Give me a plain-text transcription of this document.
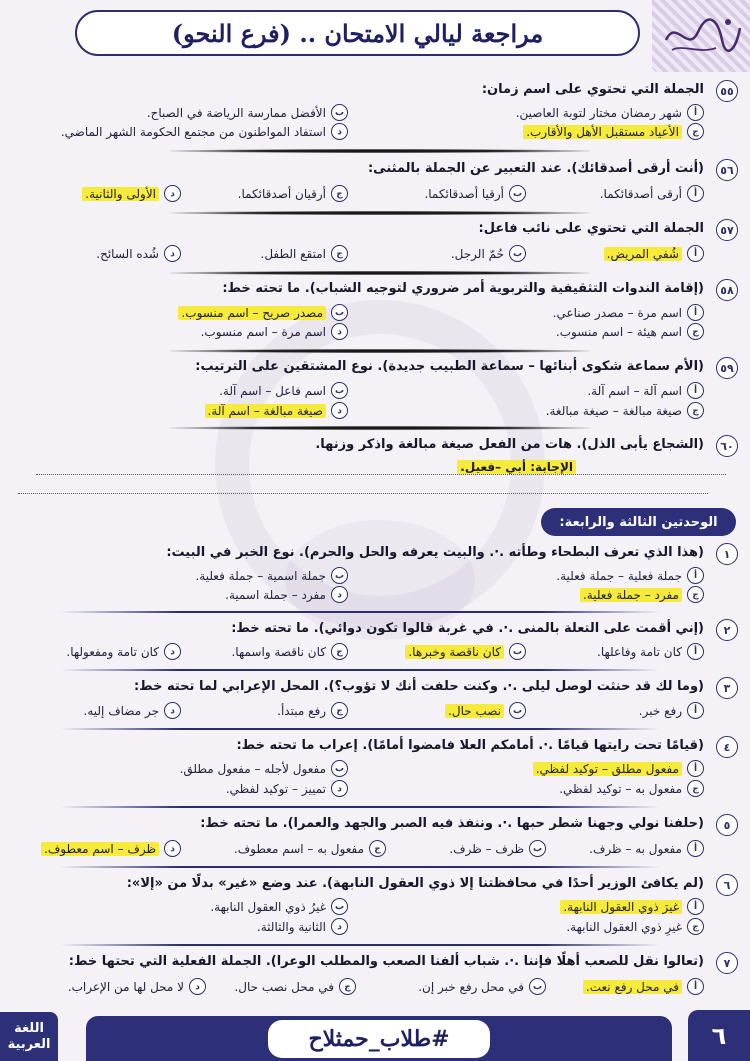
مراجعة ليالي الامتحان .. (فرع النحو)
٥٥
الجملة التي تحتوي على اسم زمان:
أ
شهر رمضان مختار لتوبة العاصين.
ب
الأفضل ممارسة الرياضة في الصباح.
ج
الأعياد مستقبل الأهل والأقارب.
د
استفاد المواطنون من مجتمع الحكومة الشهر الماضي.
٥٦
(أنت أرقى أصدقائك). عند التعبير عن الجملة بالمثنى:
أ
أرقى أصدقائكما.
ب
أرقيا أصدقائكما.
ج
أرقيان أصدقائكما.
د
الأولى والثانية.
٥٧
الجملة التي تحتوي على نائب فاعل:
أ
شُفي المريض.
ب
حُمّ الرجل.
ج
امتقع الطفل.
د
شُده السائح.
٥٨
(إقامة الندوات التثقيفية والتربوية أمر ضروري لتوجيه الشباب). ما تحته خط:
أ
اسم مرة – مصدر صناعي.
ب
مصدر صريح – اسم منسوب.
ج
اسم هيئة – اسم منسوب.
د
اسم مرة – اسم منسوب.
٥٩
(الأم سماعة شكوى أبنائها – سماعة الطبيب جديدة). نوع المشتقين على الترتيب:
أ
اسم آلة – اسم آلة.
ب
اسم فاعل – اسم آلة.
ج
صيغة مبالغة – صيغة مبالغة.
د
صيغة مبالغة – اسم آلة.
٦٠
(الشجاع يأبى الذل). هات من الفعل صيغة مبالغة واذكر وزنها.
الإجابة: أبي –فعيل.
الوحدتين الثالثة والرابعة:
١
(هذا الذي تعرف البطحاء وطأته .·. والبيت يعرفه والحل والحرم). نوع الخبر في البيت:
أ
جملة فعلية – جملة فعلية.
ب
جملة اسمية – جملة فعلية.
ج
مفرد – جملة فعلية.
د
مفرد – جملة اسمية.
٢
(إني أقمت على التعلة بالمنى .·. في غربة قالوا تكون دوائي). ما تحته خط:
أ
كان تامة وفاعلها.
ب
كان ناقصة وخبرها.
ج
كان ناقصة واسمها.
د
كان تامة ومفعولها.
٣
(وما لك قد حنثت لوصل ليلى .·. وكنت حلفت أنك لا تؤوب؟). المحل الإعرابي لما تحته خط:
أ
رفع خبر.
ب
نصب حال.
ج
رفع مبتدأ.
د
جر مضاف إليه.
٤
(قيامًا تحت رايتها قيامًا .·. أمامكم العلا فامضوا أمامًا). إعراب ما تحته خط:
أ
مفعول مطلق – توكيد لفظي.
ب
مفعول لأجله – مفعول مطلق.
ج
مفعول به – توكيد لفظي.
د
تمييز – توكيد لفظي.
٥
(حلفنا نولي وجهنا شطر حبها .·. وننفذ فيه الصبر والجهد والعمرا). ما تحته خط:
أ
مفعول به – ظرف.
ب
ظرف – ظرف.
ج
مفعول به – اسم معطوف.
د
ظرف – اسم معطوف.
٦
(لم يكافئ الوزير أحدًا في محافظتنا إلا ذوي العقول النابهة). عند وضع «غير» بدلًا من «إلا»:
أ
غيرَ ذوي العقول النابهة.
ب
غيرُ ذوي العقول النابهة.
ج
غيرِ ذوي العقول النابهة.
د
الثانية والثالثة.
٧
(تعالوا نقل للصعب أهلًا فإننا .·. شباب ألفنا الصعب والمطلب الوعرا). الجملة الفعلية التي تحتها خط:
أ
في محل رفع نعت.
ب
في محل رفع خبر إن.
ج
في محل نصب حال.
د
لا محل لها من الإعراب.
٦
#طلاب_حمثلاح
اللغة
العربية
